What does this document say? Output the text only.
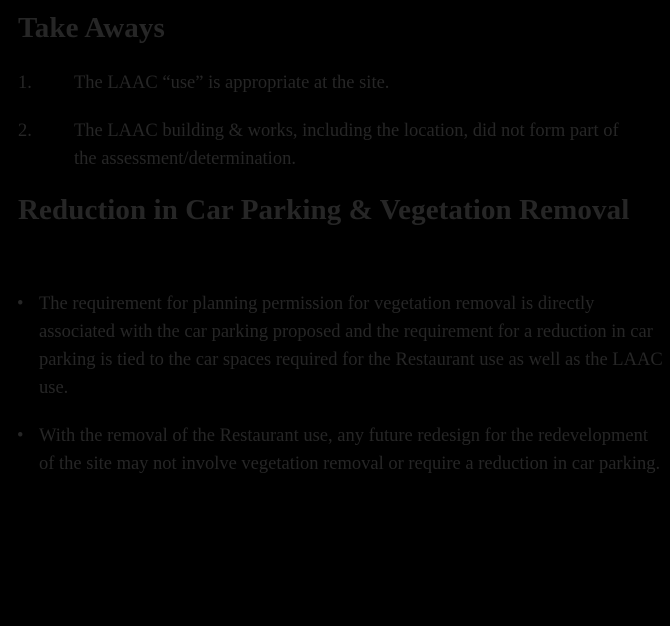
Take Aways
1. The LAAC “use” is appropriate at the site.
2. The LAAC building & works, including the location, did not form part of the assessment/determination.
Reduction in Car Parking & Vegetation Removal
• The requirement for planning permission for vegetation removal is directly associated with the car parking proposed and the requirement for a reduction in car parking is tied to the car spaces required for the Restaurant use as well as the LAAC use.
• With the removal of the Restaurant use, any future redesign for the redevelopment of the site may not involve vegetation removal or require a reduction in car parking.
